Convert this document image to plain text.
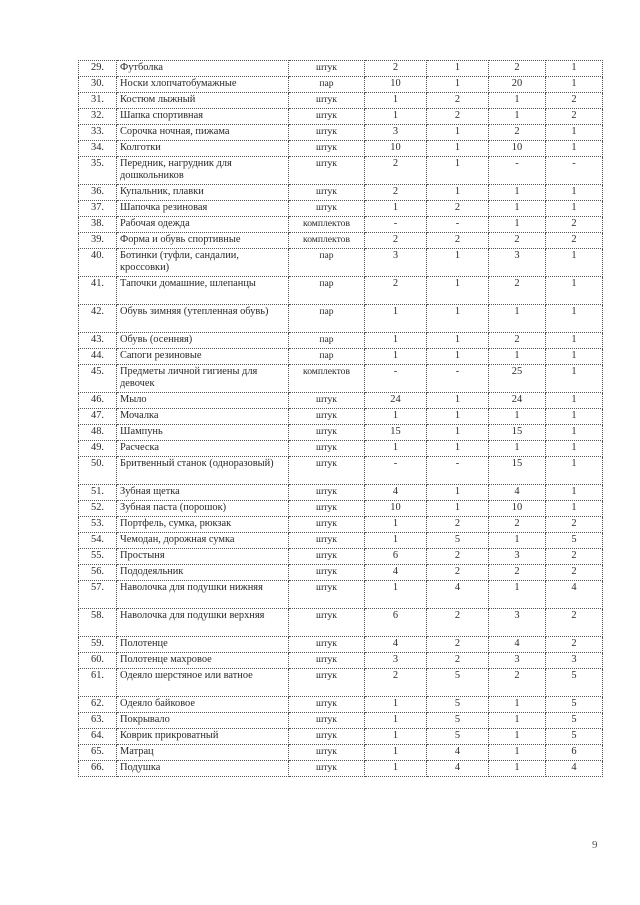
29.	Футболка	штук	2	1	2	1
30.	Носки хлопчатобумажные	пар	10	1	20	1
31.	Костюм лыжный	штук	1	2	1	2
32.	Шапка спортивная	штук	1	2	1	2
33.	Сорочка ночная, пижама	штук	3	1	2	1
34.	Колготки	штук	10	1	10	1
35.	Передник, нагрудник для дошкольников	штук	2	1	-	-
36.	Купальник, плавки	штук	2	1	1	1
37.	Шапочка резиновая	штук	1	2	1	1
38.	Рабочая одежда	комплектов	-	-	1	2
39.	Форма и обувь спортивные	комплектов	2	2	2	2
40.	Ботинки (туфли, сандалии, кроссовки)	пар	3	1	3	1
41.	Тапочки домашние, шлепанцы	пар	2	1	2	1
42.	Обувь зимняя (утепленная обувь)	пар	1	1	1	1
43.	Обувь (осенняя)	пар	1	1	2	1
44.	Сапоги резиновые	пар	1	1	1	1
45.	Предметы личной гигиены для девочек	комплектов	-	-	25	1
46.	Мыло	штук	24	1	24	1
47.	Мочалка	штук	1	1	1	1
48.	Шампунь	штук	15	1	15	1
49.	Расческа	штук	1	1	1	1
50.	Бритвенный станок (одноразовый)	штук	-	-	15	1
51.	Зубная щетка	штук	4	1	4	1
52.	Зубная паста (порошок)	штук	10	1	10	1
53.	Портфель, сумка, рюкзак	штук	1	2	2	2
54.	Чемодан, дорожная сумка	штук	1	5	1	5
55.	Простыня	штук	6	2	3	2
56.	Пододеяльник	штук	4	2	2	2
57.	Наволочка для подушки нижняя	штук	1	4	1	4
58.	Наволочка для подушки верхняя	штук	6	2	3	2
59.	Полотенце	штук	4	2	4	2
60.	Полотенце махровое	штук	3	2	3	3
61.	Одеяло шерстяное или ватное	штук	2	5	2	5
62.	Одеяло байковое	штук	1	5	1	5
63.	Покрывало	штук	1	5	1	5
64.	Коврик прикроватный	штук	1	5	1	5
65.	Матрац	штук	1	4	1	6
66.	Подушка	штук	1	4	1	4
9
